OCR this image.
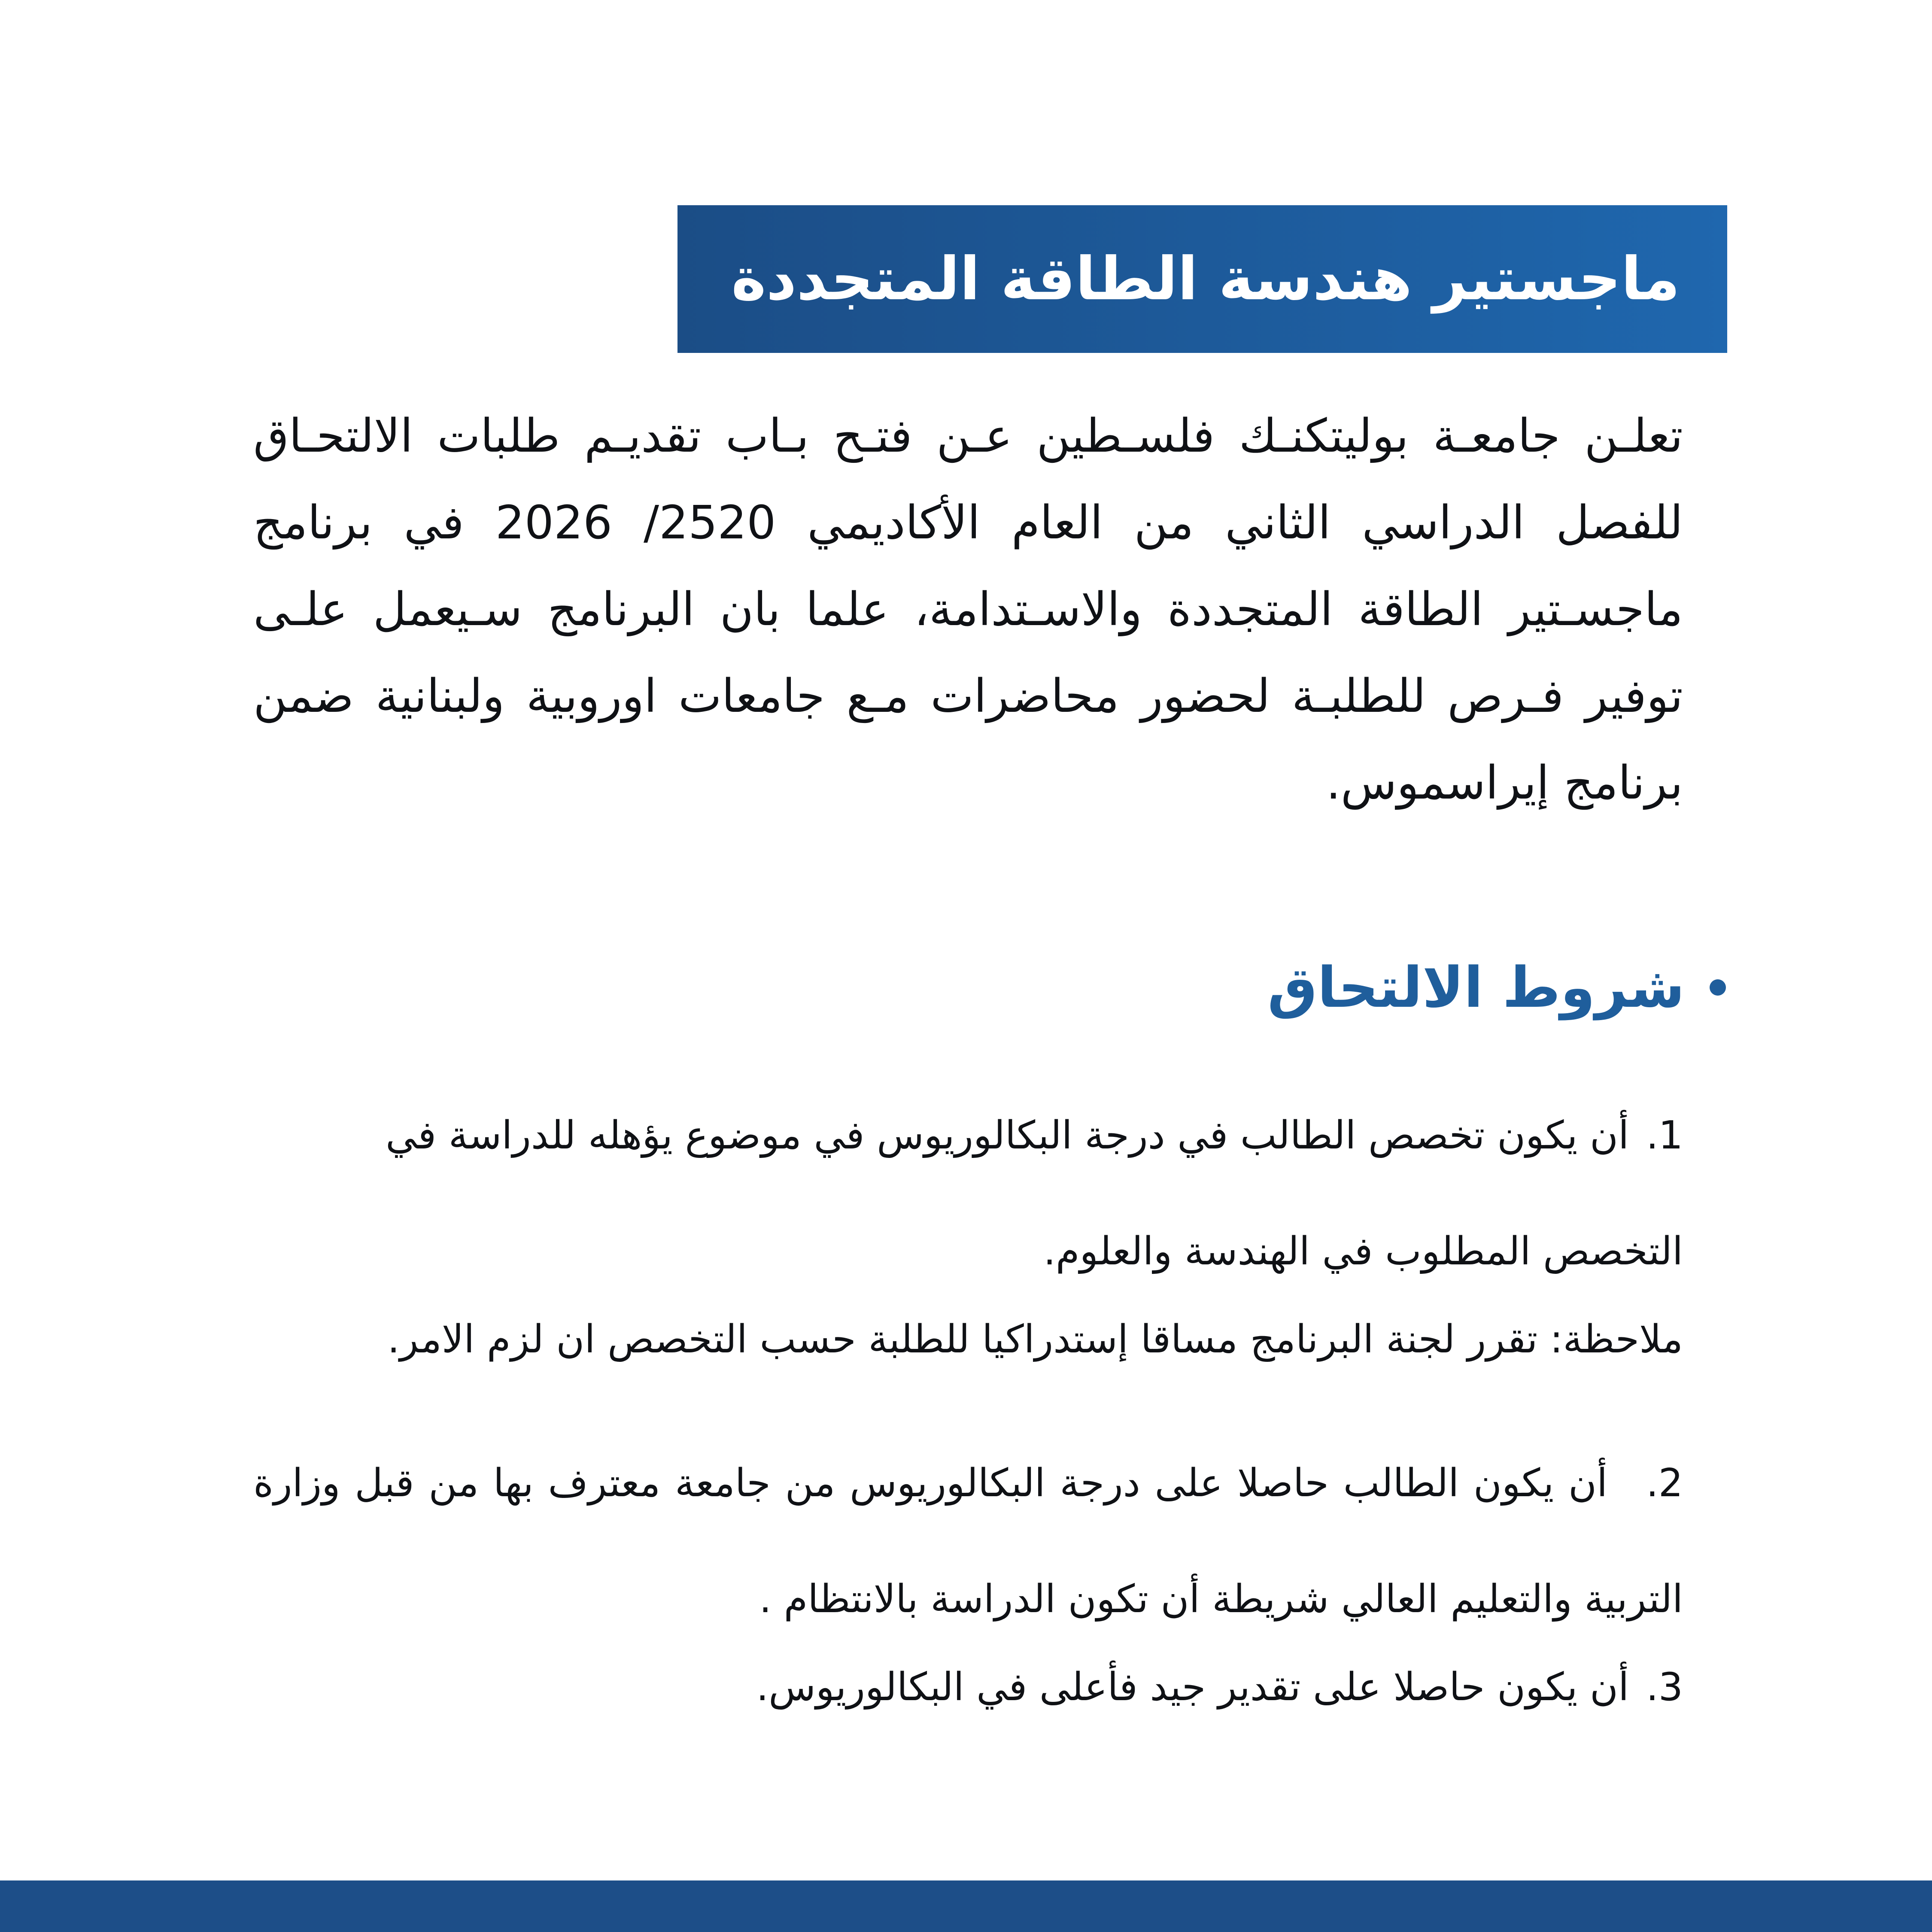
ماجستير هندسة الطاقة المتجددة

تعلـن جامعـة بوليتكنـك فلسـطين عـن فتـح بـاب تقديـم طلبات الالتحـاق للفصل الدراسي الثاني من العام الأكاديمي 2520/ 2026 في برنامج ماجسـتير الطاقة المتجددة والاسـتدامة، علما بان البرنامج سـيعمل علـى توفير فـرص للطلبـة لحضور محاضرات مـع جامعات اوروبية ولبنانية ضمن برنامج إيراسموس.

شروط الالتحاق

1.أن يكون تخصص الطالب في درجة البكالوريوس في موضوع يؤهله للدراسة في
التخصص المطلوب في الهندسة والعلوم.

ملاحظة: تقرر لجنة البرنامج مساقا إستدراكيا للطلبة حسب التخصص ان لزم الامر.

2.أن يكون الطالب حاصلا على درجة البكالوريوس من جامعة معترف بها من قبل وزارة التربية والتعليم العالي شريطة أن تكون الدراسة بالانتظام .

3.أن يكون حاصلا على تقدير جيد فأعلى في البكالوريوس.
